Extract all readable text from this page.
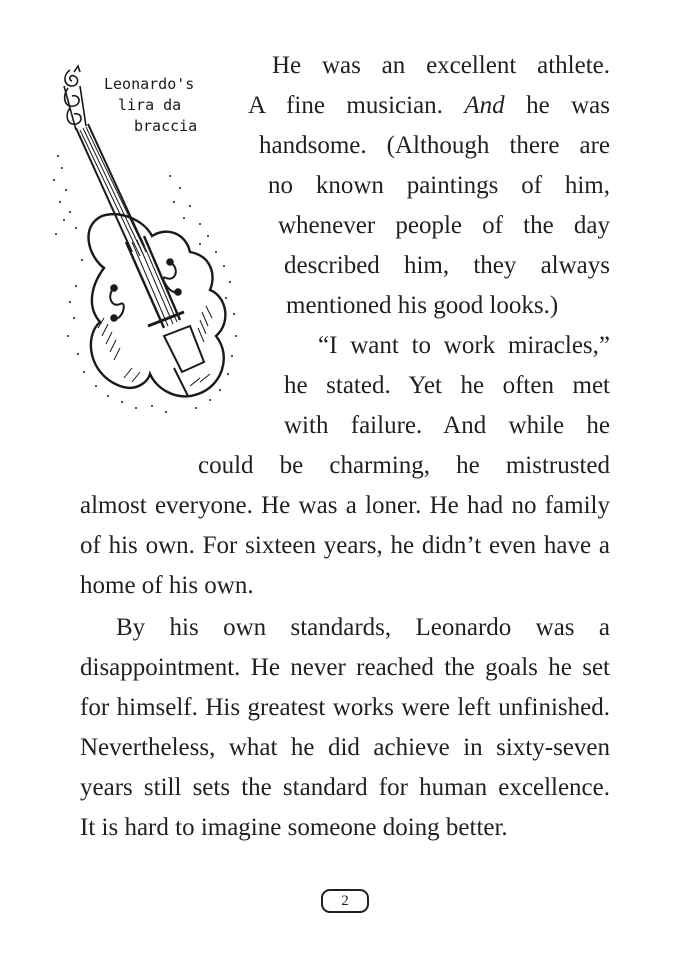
Leonardo's
lira da
braccia
He was an excellent athlete.
A fine musician. And he was
handsome. (Although there are
no known paintings of him,
whenever people of the day
described him, they always
mentioned his good looks.)
“I want to work miracles,”
he stated. Yet he often met
with failure. And while he
could be charming, he mistrusted
almost everyone. He was a loner. He had no family
of his own. For sixteen years, he didn’t even have a
home of his own.
By his own standards, Leonardo was a
disappointment. He never reached the goals he set
for himself. His greatest works were left unfinished.
Nevertheless, what he did achieve in sixty-seven
years still sets the standard for human excellence.
It is hard to imagine someone doing better.
2
